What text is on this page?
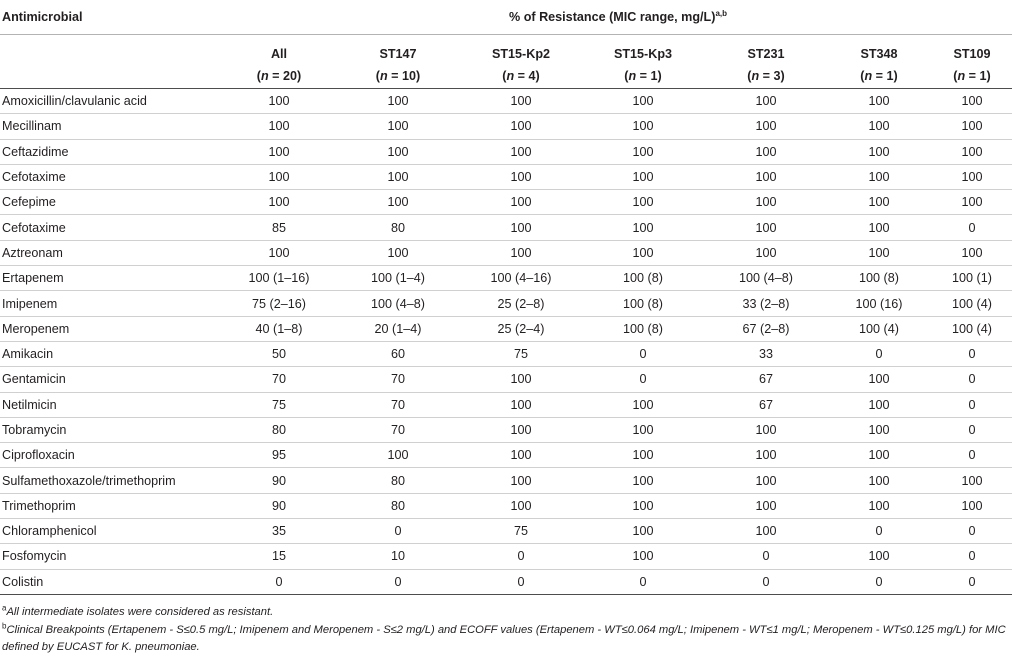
Antimicrobial	% of Resistance (MIC range, mg/L)$^{a,b}$
	All	ST147	ST15-Kp2	ST15-Kp3	ST231	ST348	ST109
	(n = 20)	(n = 10)	(n = 4)	(n = 1)	(n = 3)	(n = 1)	(n = 1)
Amoxicillin/clavulanic acid	100	100	100	100	100	100	100
Mecillinam	100	100	100	100	100	100	100
Ceftazidime	100	100	100	100	100	100	100
Cefotaxime	100	100	100	100	100	100	100
Cefepime	100	100	100	100	100	100	100
Cefotaxime	85	80	100	100	100	100	0
Aztreonam	100	100	100	100	100	100	100
Ertapenem	100 (1–16)	100 (1–4)	100 (4–16)	100 (8)	100 (4–8)	100 (8)	100 (1)
Imipenem	75 (2–16)	100 (4–8)	25 (2–8)	100 (8)	33 (2–8)	100 (16)	100 (4)
Meropenem	40 (1–8)	20 (1–4)	25 (2–4)	100 (8)	67 (2–8)	100 (4)	100 (4)
Amikacin	50	60	75	0	33	0	0
Gentamicin	70	70	100	0	67	100	0
Netilmicin	75	70	100	100	67	100	0
Tobramycin	80	70	100	100	100	100	0
Ciprofloxacin	95	100	100	100	100	100	0
Sulfamethoxazole/trimethoprim	90	80	100	100	100	100	100
Trimethoprim	90	80	100	100	100	100	100
Chloramphenicol	35	0	75	100	100	0	0
Fosfomycin	15	10	0	100	0	100	0
Colistin	0	0	0	0	0	0	0
$^a$All intermediate isolates were considered as resistant.
$^b$Clinical Breakpoints (Ertapenem - S≤0.5 mg/L; Imipenem and Meropenem - S≤2 mg/L) and ECOFF values (Ertapenem - WT≤0.064 mg/L; Imipenem - WT≤1 mg/L; Meropenem - WT≤0.125 mg/L) for MIC defined by EUCAST for K. pneumoniae.
